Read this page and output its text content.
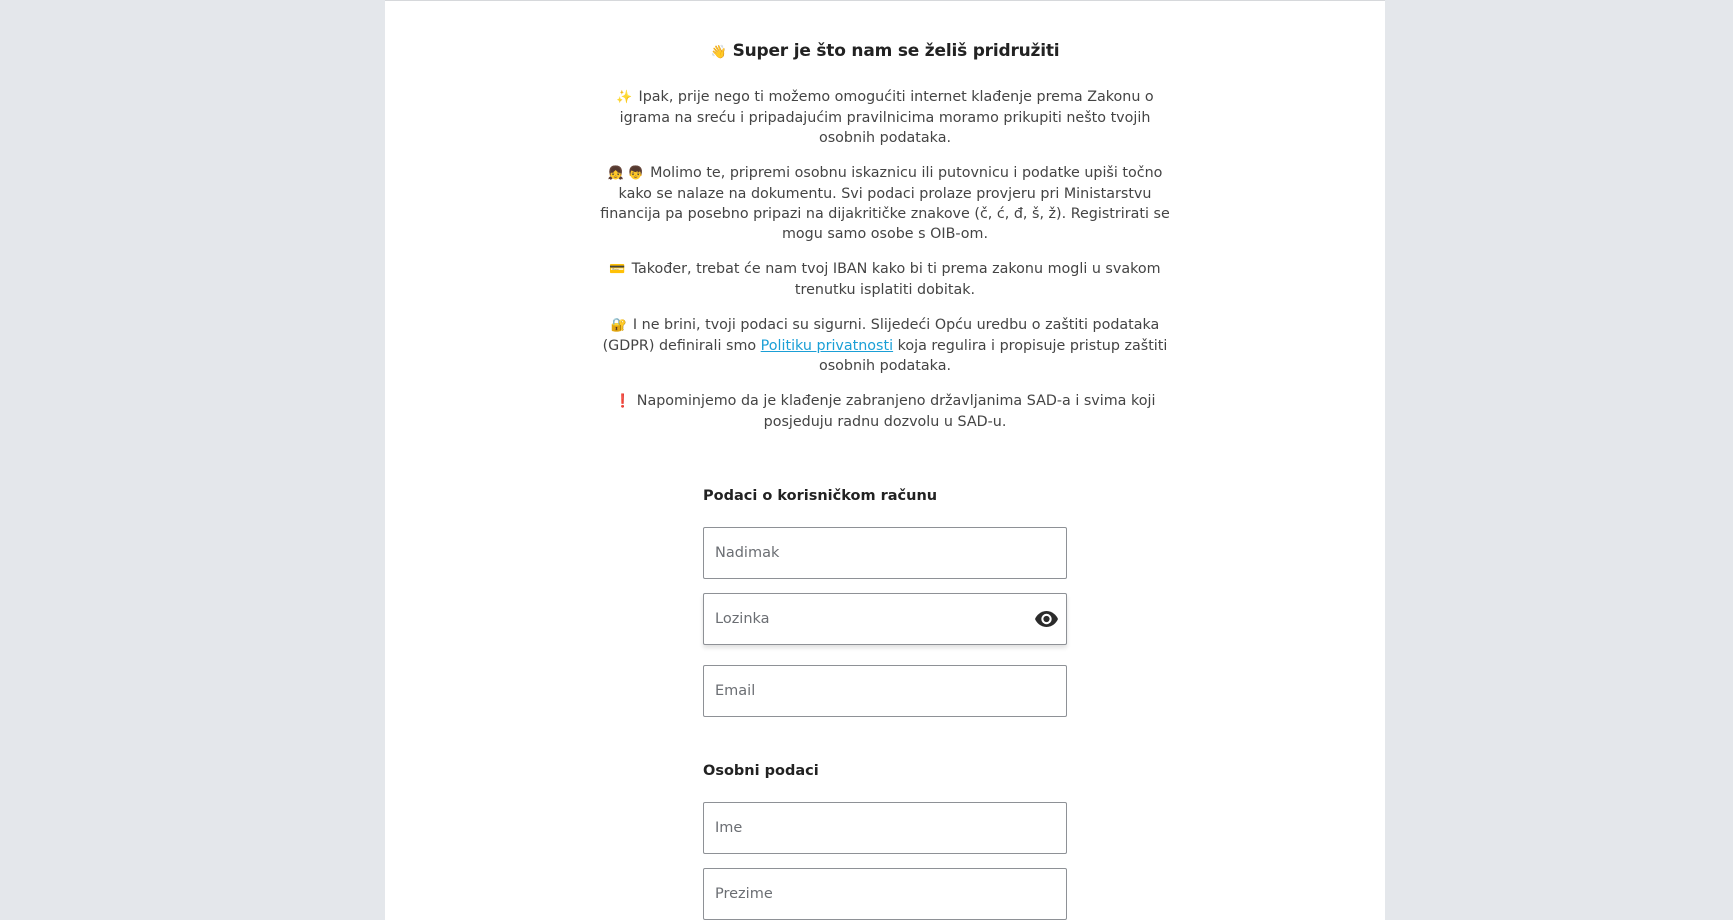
👋 Super je što nam se želiš pridružiti

✨ Ipak, prije nego ti možemo omogućiti internet klađenje prema Zakonu o igrama na sreću i pripadajućim pravilnicima moramo prikupiti nešto tvojih osobnih podataka.

👧 👦 Molimo te, pripremi osobnu iskaznicu ili putovnicu i podatke upiši točno kako se nalaze na dokumentu. Svi podaci prolaze provjeru pri Ministarstvu financija pa posebno pripazi na dijakritičke znakove (č, ć, đ, š, ž). Registrirati se mogu samo osobe s OIB-om.

💳 Također, trebat će nam tvoj IBAN kako bi ti prema zakonu mogli u svakom trenutku isplatiti dobitak.

🔐 I ne brini, tvoji podaci su sigurni. Slijedeći Opću uredbu o zaštiti podataka (GDPR) definirali smo Politiku privatnosti koja regulira i propisuje pristup zaštiti osobnih podataka.

❗ Napominjemo da je klađenje zabranjeno državljanima SAD-a i svima koji posjeduju radnu dozvolu u SAD-u.

Podaci o korisničkom računu
Nadimak
Email
Osobni podaci
Ime
Prezime
